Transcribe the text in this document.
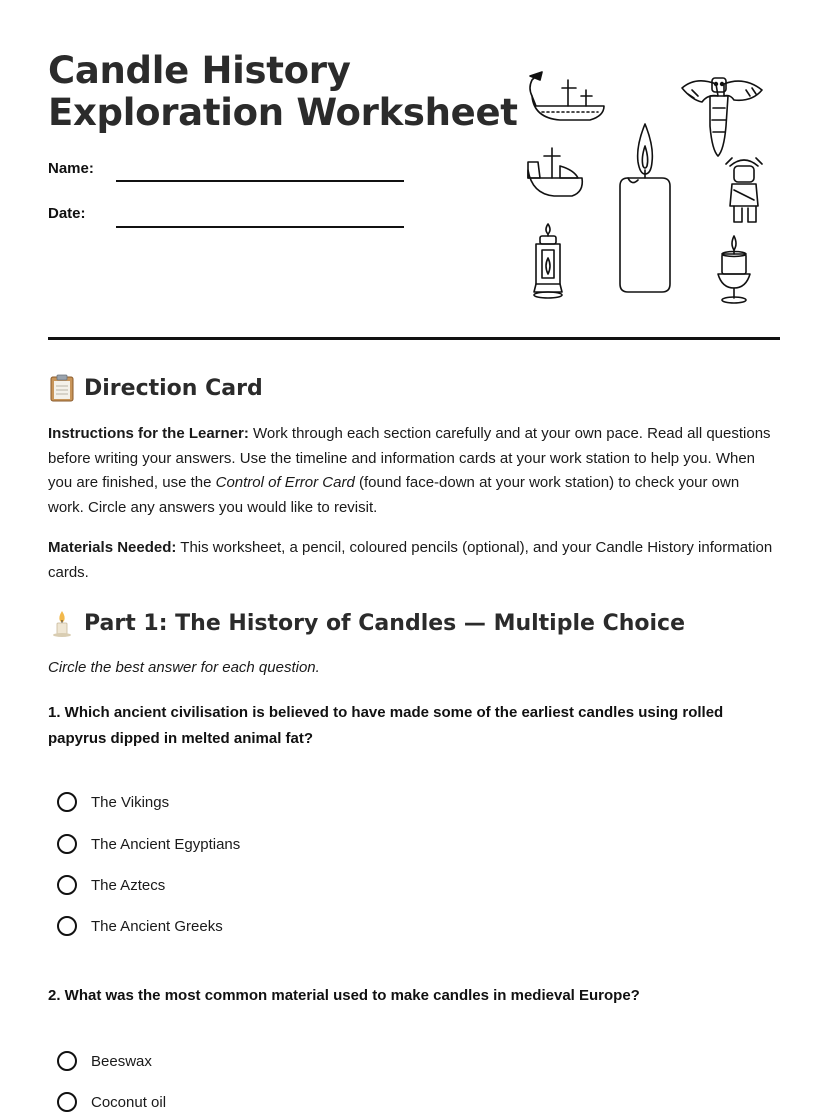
Candle History
Exploration Worksheet
Name:
Date:
Direction Card

Instructions for the Learner: Work through each section carefully and at your own pace. Read all questions before writing your answers. Use the timeline and information cards at your work station to help you. When you are finished, use the Control of Error Card (found face-down at your work station) to check your own work. Circle any answers you would like to revisit.

Materials Needed: This worksheet, a pencil, coloured pencils (optional), and your Candle History information cards.

Part 1: The History of Candles — Multiple Choice

Circle the best answer for each question.

1. Which ancient civilisation is believed to have made some of the earliest candles using rolled papyrus dipped in melted animal fat?

The Vikings
The Ancient Egyptians
The Aztecs
The Ancient Greeks

2. What was the most common material used to make candles in medieval Europe?

Beeswax
Coconut oil
